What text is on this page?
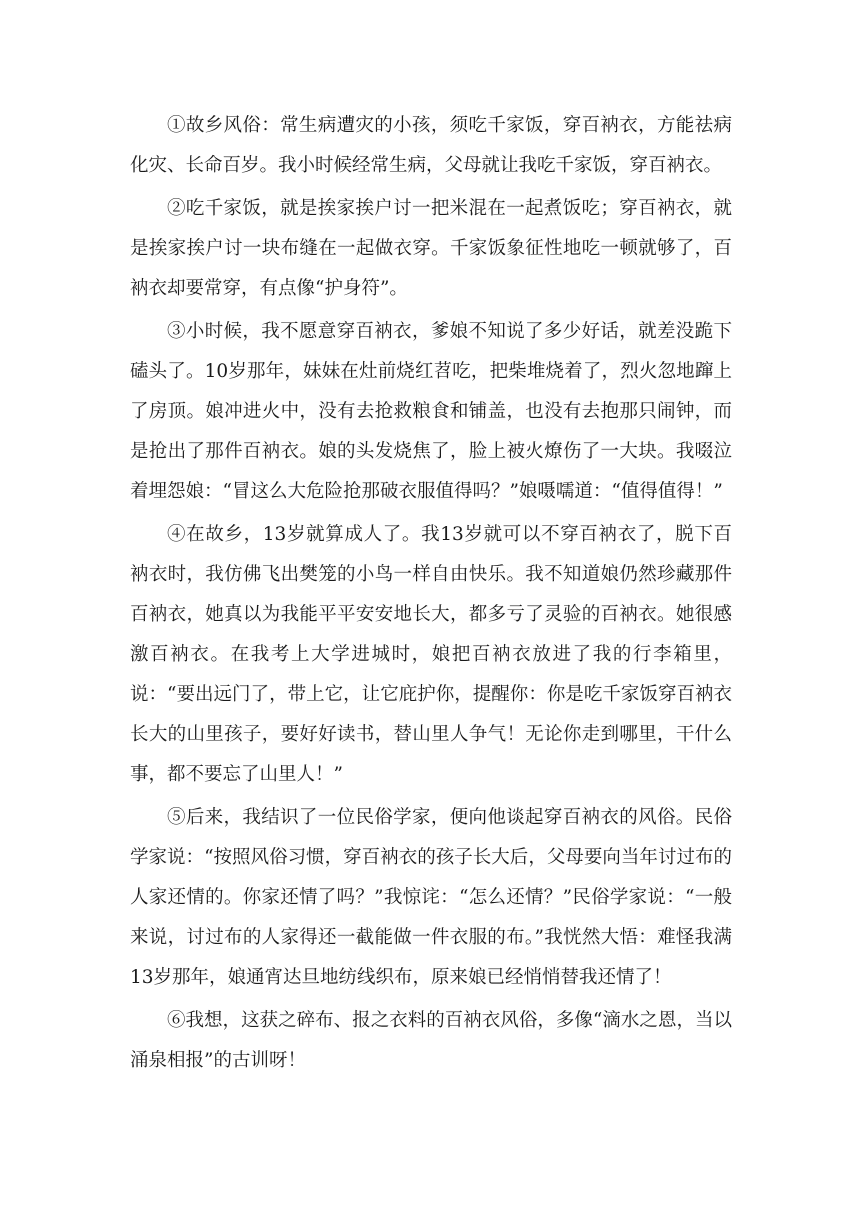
①故乡风俗：常生病遭灾的小孩，须吃千家饭，穿百衲衣，方能祛病化灾、长命百岁。我小时候经常生病，父母就让我吃千家饭，穿百衲衣。

②吃千家饭，就是挨家挨户讨一把米混在一起煮饭吃；穿百衲衣，就是挨家挨户讨一块布缝在一起做衣穿。千家饭象征性地吃一顿就够了，百衲衣却要常穿，有点像“护身符”。

③小时候，我不愿意穿百衲衣，爹娘不知说了多少好话，就差没跪下磕头了。10岁那年，妹妹在灶前烧红苕吃，把柴堆烧着了，烈火忽地蹿上了房顶。娘冲进火中，没有去抢救粮食和铺盖，也没有去抱那只闹钟，而是抢出了那件百衲衣。娘的头发烧焦了，脸上被火燎伤了一大块。我啜泣着埋怨娘：“冒这么大危险抢那破衣服值得吗？”娘嗫嚅道：“值得值得！”

④在故乡，13岁就算成人了。我13岁就可以不穿百衲衣了，脱下百衲衣时，我仿佛飞出樊笼的小鸟一样自由快乐。我不知道娘仍然珍藏那件百衲衣，她真以为我能平平安安地长大，都多亏了灵验的百衲衣。她很感激百衲衣。在我考上大学进城时，娘把百衲衣放进了我的行李箱里，说：“要出远门了，带上它，让它庇护你，提醒你：你是吃千家饭穿百衲衣长大的山里孩子，要好好读书，替山里人争气！无论你走到哪里，干什么事，都不要忘了山里人！”

⑤后来，我结识了一位民俗学家，便向他谈起穿百衲衣的风俗。民俗学家说：“按照风俗习惯，穿百衲衣的孩子长大后，父母要向当年讨过布的人家还情的。你家还情了吗？”我惊诧：“怎么还情？”民俗学家说：“一般来说，讨过布的人家得还一截能做一件衣服的布。”我恍然大悟：难怪我满13岁那年，娘通宵达旦地纺线织布，原来娘已经悄悄替我还情了！

⑥我想，这获之碎布、报之衣料的百衲衣风俗，多像“滴水之恩，当以涌泉相报”的古训呀！
